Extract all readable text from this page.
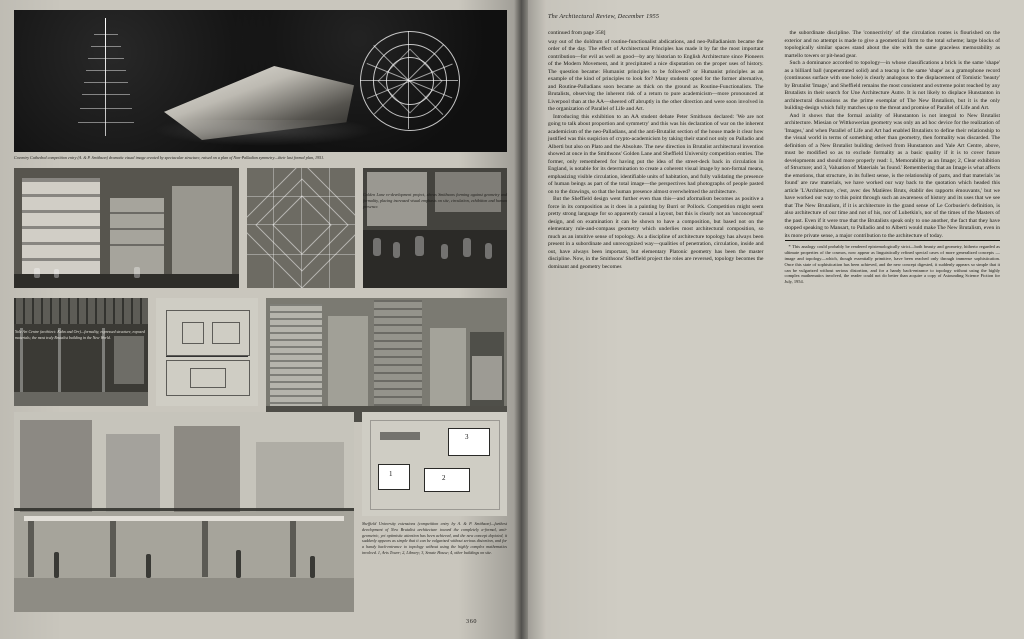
Coventry Cathedral competition entry (A. & P. Smithson) dramatic visual image created by spectacular structure, raised on a plan of Non-Palladian symmetry—their last formal plan, 1951.
Golden Lane re-development project, shows Smithsons forming against geometry and formality, placing increased visual emphasis on site, circulation, exhibition and human presence.
1	2
3
Sheffield University extensions (competition entry by A. & P. Smithson)—furthest development of New Brutalist architecture toward the completely a-formal, anti-geometric, yet optimistic attention has been achieved, and the new concept depicted, it suddenly appears as simple that it can be vulgarized without serious distortion, and for a handy back-entrance to topology without using the highly complex mathematics involved. 1, Arts Tower; 2, Library; 3, Senate House; 4, other buildings on site.
Yale Art Centre (architect: Kahn and Orr)—formality, expressed structure, exposed materials; the most truly Brutalist building in the New World.
360
The Architectural Review, December 1955

continued from page 358]

way out of the doldrum of routine-functionalist abdications, and neo-Palladianism became the order of the day. The effect of Architectural Principles has made it by far the most important contribution—for evil as well as good—by any historian to English Architecture since Pioneers of the Modern Movement, and it precipitated a nice disputation on the proper uses of history. The question became: Humanist principles to be followed? or Humanist principles as an example of the kind of principles to look for? Many students opted for the former alternative, and Routine-Palladians soon became as thick on the ground as Routine-Functionalists. The Brutalists, observing the inherent risk of a return to pure academicism—more pronounced at Liverpool than at the AA—sheered off abruptly in the other direction and were soon involved in the organization of Parallel of Life and Art.

Introducing this exhibition to an AA student debate Peter Smithson declared: 'We are not going to talk about proportion and symmetry' and this was his declaration of war on the inherent academicism of the neo-Palladians, and the anti-Brutalist section of the house made it clear how justified was this suspicion of crypto-academicism by taking their stand not only on Palladio and Alberti but also on Plato and the Absolute. The new direction in Brutalist architectural invention showed at once in the Smithsons' Golden Lane and Sheffield University competition entries. The former, only remembered for having put the idea of the street-deck back in circulation in England, is notable for its determination to create a coherent visual image by non-formal means, emphasizing visible circulation, identifiable units of habitation, and fully validating the presence of human beings as part of the total image—the perspectives had photographs of people pasted on to the drawings, so that the human presence almost overwhelmed the architecture.

But the Sheffield design went further even than this—and aformalism becomes as positive a force in its composition as it does in a painting by Burri or Pollock. Competition might seem pretty strong language for so apparently casual a layout, but this is clearly not an 'unconceptual' design, and on examination it can be shown to have a composition, but based not on the elementary rule-and-compass geometry which underlies most architectural composition, so much as an intuitive sense of topology. As a discipline of architecture topology has always been present in a subordinate and unrecognized way—qualities of penetration, circulation, inside and out, have always been important, but elementary Platonic geometry has been the master discipline. Now, in the Smithsons' Sheffield project the roles are reversed, topology becomes the dominant and geometry becomes

the subordinate discipline. The 'connectivity' of the circulation routes is flourished on the exterior and no attempt is made to give a geometrical form to the total scheme; large blocks of topologically similar spaces stand about the site with the same graceless memorability as martello towers or pit-head gear.

Such a dominance accorded to topology—in whose classifications a brick is the same 'shape' as a billiard ball (unpenetrated solid) and a teacup is the same 'shape' as a gramophone record (continuous surface with one hole) is clearly analogous to the displacement of Tomistic 'beauty' by Brutalist 'Image,' and Sheffield remains the most consistent and extreme point reached by any Brutalists in their search for Une Architecture Autre. It is not likely to displace Hunstanton in architectural discussions as the prime exemplar of The New Brutalism, but it is the only building-design which fully matches up to the threat and promise of Parallel of Life and Art.

And it shows that the formal axiality of Hunstanton is not integral to New Brutalist architecture. Miesian or Wittkowerian geometry was only an ad hoc device for the realization of 'Images,' and when Parallel of Life and Art had enabled Brutalists to define their relationship to the visual world in terms of something other than geometry, then formality was discarded. The definition of a New Brutalist building derived from Hunstanton and Yale Art Centre, above, must be modified so as to exclude formality as a basic quality if it is to cover future developments and should more properly read: 1, Memorability as an Image; 2, Clear exhibition of Structure; and 3, Valuation of Materials 'as found.' Remembering that an Image is what affects the emotions, that structure, in its fullest sense, is the relationship of parts, and that materials 'as found' are raw materials, we have worked our way back to the quotation which headed this article 'L'Architecture, c'est, avec des Matières Bruts, établir des rapports émouvants,' but we have worked our way to this point through such an awareness of history and its uses that we see that The New Brutalism, if it is architecture in the grand sense of Le Corbusier's definition, is also architecture of our time and not of his, nor of Lubetkin's, nor of the times of the Masters of the past. Even if it were true that the Brutalists speak only to one another, the fact that they have stopped speaking to Mansart, to Palladio and to Alberti would make The New Brutalism, even in its more private sense, a major contribution to the architecture of today.

* This analogy could probably be rendered epistemologically strict—both beauty and geometry, hitherto regarded as ultimate properties of the cosmos, now appear as linguistically refined special cases of more generalized concepts —image and topology—which, though essentially primitive, have been reached only through immense sophistication. Once this state of sophistication has been achieved, and the new concept digested, it suddenly appears so simple that it can be vulgarized without serious distortion, and for a handy back-entrance to topology without using the highly complex mathematics involved, the reader could not do better than acquire a copy of Astounding Science Fiction for July, 1954.
